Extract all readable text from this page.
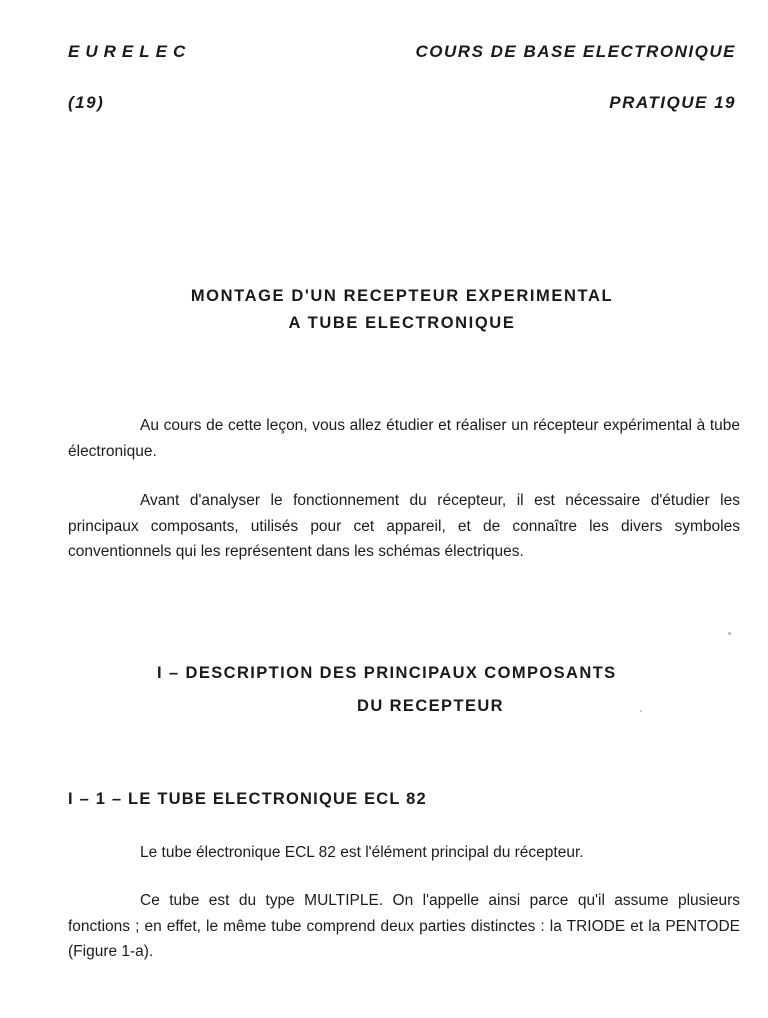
EURELEC	COURS DE BASE ELECTRONIQUE
(19)	PRATIQUE 19
MONTAGE D'UN RECEPTEUR EXPERIMENTAL
A TUBE ELECTRONIQUE

Au cours de cette leçon, vous allez étudier et réaliser un récepteur expérimental à tube électronique.

Avant d'analyser le fonctionnement du récepteur, il est nécessaire d'étudier les principaux composants, utilisés pour cet appareil, et de connaître les divers symboles conventionnels qui les représentent dans les schémas électriques.

I – DESCRIPTION DES PRINCIPAUX COMPOSANTS
DU RECEPTEUR
I – 1 – LE TUBE ELECTRONIQUE ECL 82

Le tube électronique ECL 82 est l'élément principal du récepteur.

Ce tube est du type MULTIPLE. On l'appelle ainsi parce qu'il assume plusieurs fonctions ; en effet, le même tube comprend deux parties distinctes : la TRIODE et la PENTODE (Figure 1-a).
